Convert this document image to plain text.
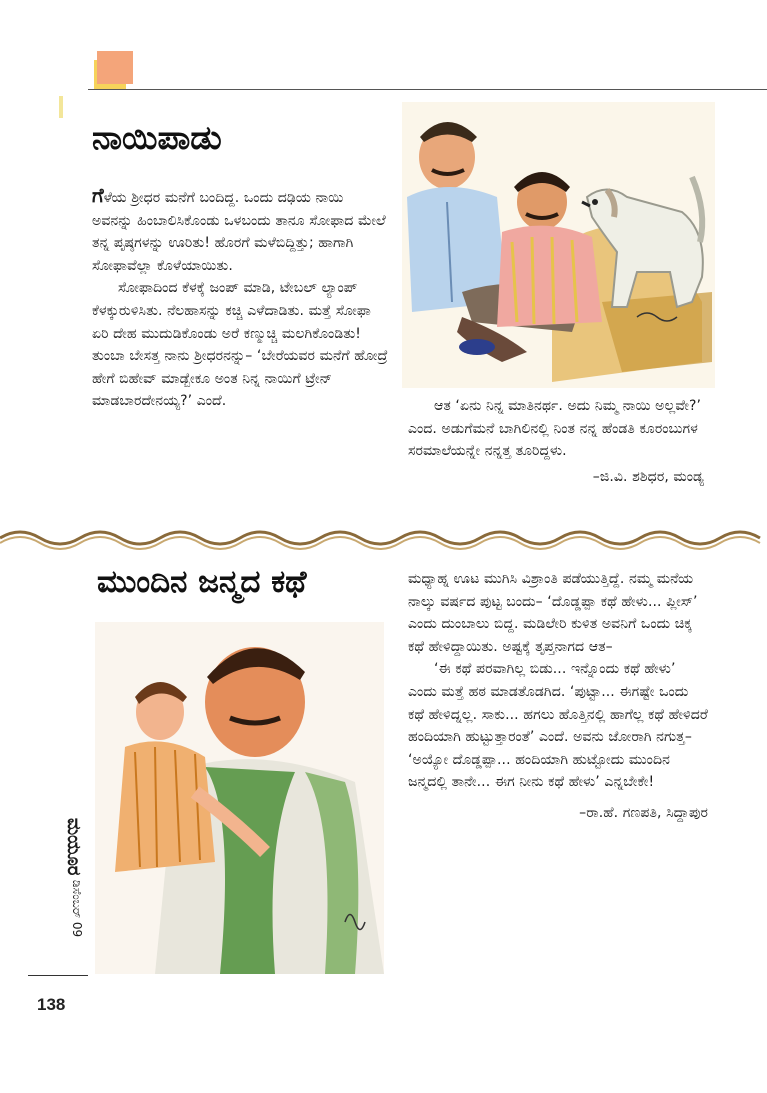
ನಾಯಿಪಾಡು

ಗೆಳೆಯ ಶ್ರೀಧರ ಮನೆಗೆ ಬಂದಿದ್ದ. ಒಂದು ದಢಿಯ ನಾಯಿ ಅವನನ್ನು ಹಿಂಬಾಲಿಸಿಕೊಂಡು ಒಳಬಂದು ತಾನೂ ಸೋಫಾದ ಮೇಲೆ ತನ್ನ ಪೃಷ್ಠಗಳನ್ನು ಊರಿತು! ಹೊರಗೆ ಮಳೆಬಿದ್ದಿತ್ತು; ಹಾಗಾಗಿ ಸೋಫಾವೆಲ್ಲಾ ಕೊಳೆಯಾಯಿತು.

ಸೋಫಾದಿಂದ ಕೆಳಕ್ಕೆ ಜಂಪ್ ಮಾಡಿ, ಟೇಬಲ್ ಲ್ಯಾಂಪ್ ಕೆಳಕ್ಕುರುಳಿಸಿತು. ನೆಲಹಾಸನ್ನು ಕಚ್ಚಿ ಎಳೆದಾಡಿತು. ಮತ್ತೆ ಸೋಫಾ ಏರಿ ದೇಹ ಮುದುಡಿಕೊಂಡು ಅರೆ ಕಣ್ಮುಚ್ಚಿ ಮಲಗಿಕೊಂಡಿತು! ತುಂಬಾ ಬೇಸತ್ತ ನಾನು ಶ್ರೀಧರನನ್ನು– ‘ಬೇರೆಯವರ ಮನೆಗೆ ಹೋದ್ರೆ ಹೇಗೆ ಬಿಹೇವ್ ಮಾಡ್ಬೇಕೂ ಅಂತ ನಿನ್ನ ನಾಯಿಗೆ ಟ್ರೇನ್ ಮಾಡಬಾರದೇನಯ್ಯ?’ ಎಂದೆ.	ಆತ ‘ಏನು ನಿನ್ನ ಮಾತಿನರ್ಥ. ಅದು ನಿಮ್ಮ ನಾಯಿ ಅಲ್ಲವೇ?’ ಎಂದ. ಅಡುಗೆಮನೆ ಬಾಗಿಲಿನಲ್ಲಿ ನಿಂತ ನನ್ನ ಹೆಂಡತಿ ಕೂರಂಬುಗಳ ಸರಮಾಲೆಯನ್ನೇ ನನ್ನತ್ತ ತೂರಿದ್ದಳು.

–ಜಿ.ವಿ. ಶಶಿಧರ, ಮಂಡ್ಯ

ಮುಂದಿನ ಜನ್ಮದ ಕಥೆ	ಮಧ್ಯಾಹ್ನ ಊಟ ಮುಗಿಸಿ ವಿಶ್ರಾಂತಿ ಪಡೆಯುತ್ತಿದ್ದೆ. ನಮ್ಮ ಮನೆಯ ನಾಲ್ಕು ವರ್ಷದ ಪುಟ್ಟ ಬಂದು– ‘ದೊಡ್ಡಪ್ಪಾ ಕಥೆ ಹೇಳು... ಪ್ಲೀಸ್’ ಎಂದು ದುಂಬಾಲು ಬಿದ್ದ. ಮಡಿಲೇರಿ ಕುಳಿತ ಅವನಿಗೆ ಒಂದು ಚಿಕ್ಕ ಕಥೆ ಹೇಳಿದ್ದಾಯಿತು. ಅಷ್ಟಕ್ಕೆ ತೃಪ್ತನಾಗದ ಆತ–

‘ಈ ಕಥೆ ಪರವಾಗಿಲ್ಲ ಬಿಡು... ಇನ್ನೊಂದು ಕಥೆ ಹೇಳು’ ಎಂದು ಮತ್ತೆ ಹಠ ಮಾಡತೊಡಗಿದ. ‘ಪುಟ್ಟಾ... ಈಗಷ್ಟೇ ಒಂದು ಕಥೆ ಹೇಳಿದ್ನಲ್ಲ. ಸಾಕು... ಹಗಲು ಹೊತ್ತಿನಲ್ಲಿ ಹಾಗೆಲ್ಲ ಕಥೆ ಹೇಳಿದರೆ ಹಂದಿಯಾಗಿ ಹುಟ್ಟುತ್ತಾರಂತೆ’ ಎಂದೆ. ಅವನು ಜೋರಾಗಿ ನಗುತ್ತ– ‘ಅಯ್ಯೋ ದೊಡ್ಡಪ್ಪಾ... ಹಂದಿಯಾಗಿ ಹುಟ್ಟೋದು ಮುಂದಿನ ಜನ್ಮದಲ್ಲಿ ತಾನೇ... ಈಗ ನೀನು ಕಥೆ ಹೇಳು’ ಎನ್ನಬೇಕೇ!

–ರಾ.ಹೆ. ಗಣಪತಿ, ಸಿದ್ದಾಪುರ

ಮಯೂರ
ಡಿಸೆಂಬರ್ 09
138
